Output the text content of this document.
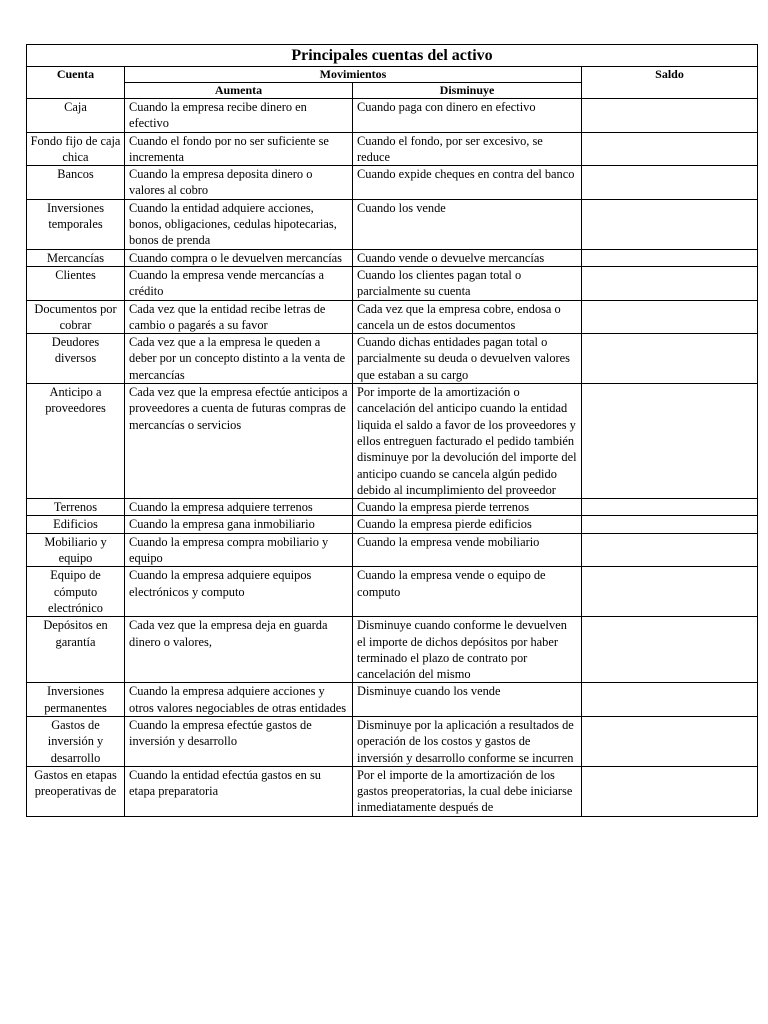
Principales cuentas del activo			
Cuenta	Movimientos		Saldo
	Aumenta	Disminuye	
Caja	Cuando la empresa recibe dinero en efectivo	Cuando paga con dinero en efectivo	
Fondo fijo de caja chica	Cuando el fondo por no ser suficiente se incrementa	Cuando el fondo, por ser excesivo, se reduce	
Bancos	Cuando la empresa deposita dinero o valores al cobro	Cuando expide cheques en contra del banco	
Inversiones temporales	Cuando la entidad adquiere acciones, bonos, obligaciones, cedulas hipotecarias, bonos de prenda	Cuando los vende	
Mercancías	Cuando compra o le devuelven mercancías	Cuando vende o devuelve mercancías	
Clientes	Cuando la empresa vende mercancías a crédito	Cuando los clientes pagan total o parcialmente su cuenta	
Documentos por cobrar	Cada vez que la entidad recibe letras de cambio o pagarés a su favor	Cada vez que la empresa cobre, endosa o cancela un de estos documentos	
Deudores diversos	Cada vez que a la empresa le queden a deber por un concepto distinto a la venta de mercancías	Cuando dichas entidades pagan total o parcialmente su deuda o devuelven valores que estaban a su cargo	
Anticipo a proveedores	Cada vez que la empresa efectúe anticipos a proveedores a cuenta de futuras compras de mercancías o servicios	Por importe de la amortización o cancelación del anticipo cuando la entidad liquida el saldo a favor de los proveedores y ellos entreguen facturado el pedido también disminuye por la devolución del importe del anticipo cuando se cancela algún pedido debido al incumplimiento del proveedor	
Terrenos	Cuando la empresa adquiere terrenos	Cuando la empresa pierde terrenos	
Edificios	Cuando la empresa gana inmobiliario	Cuando la empresa pierde edificios	
Mobiliario y equipo	Cuando la empresa compra mobiliario y equipo	Cuando la empresa vende mobiliario	
Equipo de cómputo electrónico	Cuando la empresa adquiere equipos electrónicos y computo	Cuando la empresa vende o equipo de computo	
Depósitos en garantía	Cada vez que la empresa deja en guarda dinero o valores,	Disminuye cuando conforme le devuelven el importe de dichos depósitos por haber terminado el plazo de contrato por cancelación del mismo	
Inversiones permanentes	Cuando la empresa adquiere acciones y otros valores negociables de otras entidades	Disminuye cuando los vende	
Gastos de inversión y desarrollo	Cuando la empresa efectúe gastos de inversión y desarrollo	Disminuye por la aplicación a resultados de operación de los costos y gastos de inversión y desarrollo conforme se incurren	
Gastos en etapas preoperativas de	Cuando la entidad efectúa gastos en su etapa preparatoria	Por el importe de la amortización de los gastos preoperatorias, la cual debe iniciarse inmediatamente después de	
